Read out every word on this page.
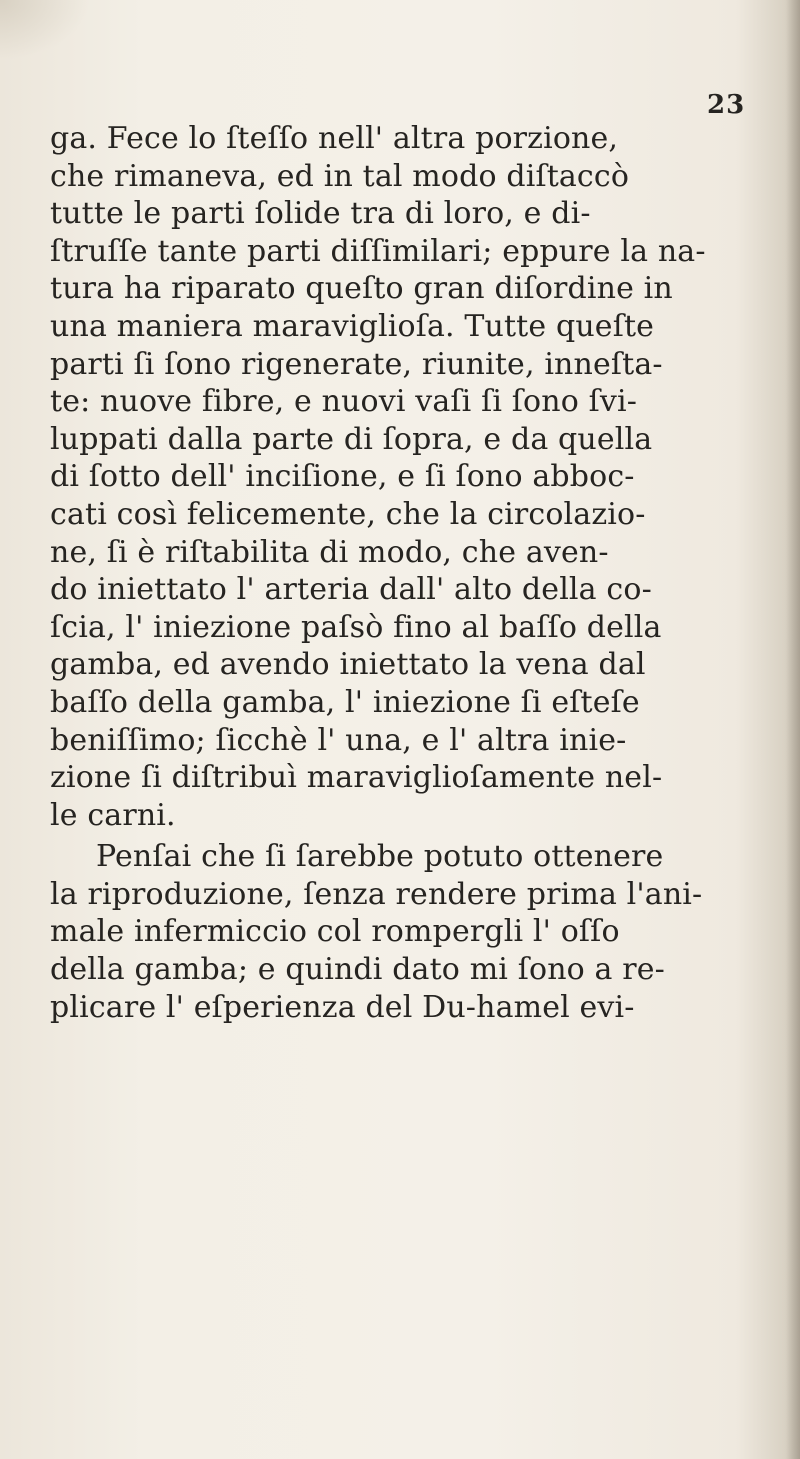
23
ga. Fece lo ſteſſo nell' altra porzione,
che rimaneva, ed in tal modo diſtaccò
tutte le parti ſolide tra di loro, e di-
ſtruſſe tante parti diſſimilari; eppure la na-
tura ha riparato queſto gran diſordine in
una maniera maraviglioſa. Tutte queſte
parti ſi ſono rigenerate, riunite, inneſta-
te: nuove fibre, e nuovi vaſi ſi ſono ſvi-
luppati dalla parte di ſopra, e da quella
di ſotto dell' inciſione, e ſi ſono abboc-
cati così felicemente, che la circolazio-
ne, ſi è riſtabilita di modo, che aven-
do iniettato l' arteria dall' alto della co-
ſcia, l' iniezione paſsò fino al baſſo della
gamba, ed avendo iniettato la vena dal
baſſo della gamba, l' iniezione ſi eſteſe
beniſſimo; ſicchè l' una, e l' altra inie-
zione ſi diſtribuì maraviglioſamente nel-
le carni.
Penſai che ſi ſarebbe potuto ottenere
la riproduzione, ſenza rendere prima l'ani-
male infermiccio col rompergli l' oſſo
della gamba; e quindi dato mi ſono a re-
plicare l' eſperienza del Du-hamel evi-
